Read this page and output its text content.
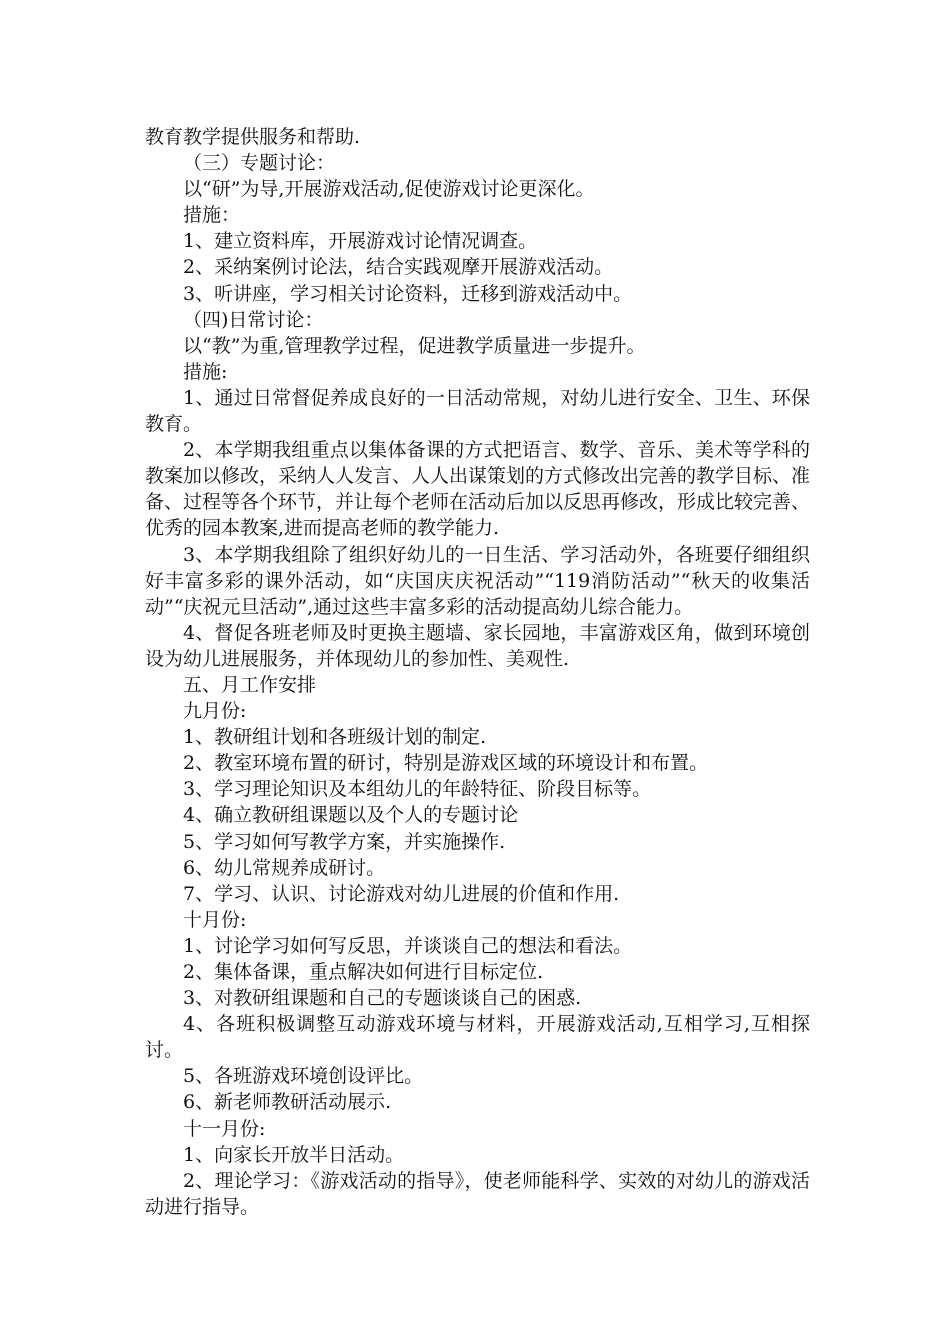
教育教学提供服务和帮助.

（三）专题讨论：

以“研”为导,开展游戏活动,促使游戏讨论更深化。

措施：

1、建立资料库，开展游戏讨论情况调查。

2、采纳案例讨论法，结合实践观摩开展游戏活动。

3、听讲座，学习相关讨论资料，迁移到游戏活动中。

（四)日常讨论：

以“教”为重,管理教学过程，促进教学质量进一步提升。

措施:

1、通过日常督促养成良好的一日活动常规，对幼儿进行安全、卫生、环保教育。

2、本学期我组重点以集体备课的方式把语言、数学、音乐、美术等学科的教案加以修改，采纳人人发言、人人出谋策划的方式修改出完善的教学目标、准备、过程等各个环节，并让每个老师在活动后加以反思再修改，形成比较完善、优秀的园本教案,进而提高老师的教学能力.

3、本学期我组除了组织好幼儿的一日生活、学习活动外，各班要仔细组织好丰富多彩的课外活动，如“庆国庆庆祝活动”“119消防活动”“秋天的收集活动”“庆祝元旦活动”,通过这些丰富多彩的活动提高幼儿综合能力。

4、督促各班老师及时更换主题墙、家长园地，丰富游戏区角，做到环境创设为幼儿进展服务，并体现幼儿的参加性、美观性.

五、月工作安排

九月份:

1、教研组计划和各班级计划的制定.

2、教室环境布置的研讨，特别是游戏区域的环境设计和布置。

3、学习理论知识及本组幼儿的年龄特征、阶段目标等。

4、确立教研组课题以及个人的专题讨论

5、学习如何写教学方案，并实施操作.

6、幼儿常规养成研讨。

7、学习、认识、讨论游戏对幼儿进展的价值和作用.

十月份:

1、讨论学习如何写反思，并谈谈自己的想法和看法。

2、集体备课，重点解决如何进行目标定位.

3、对教研组课题和自己的专题谈谈自己的困惑.

4、各班积极调整互动游戏环境与材料，开展游戏活动,互相学习,互相探讨。

5、各班游戏环境创设评比。

6、新老师教研活动展示.

十一月份:

1、向家长开放半日活动。

2、理论学习：《游戏活动的指导》，使老师能科学、实效的对幼儿的游戏活动进行指导。
